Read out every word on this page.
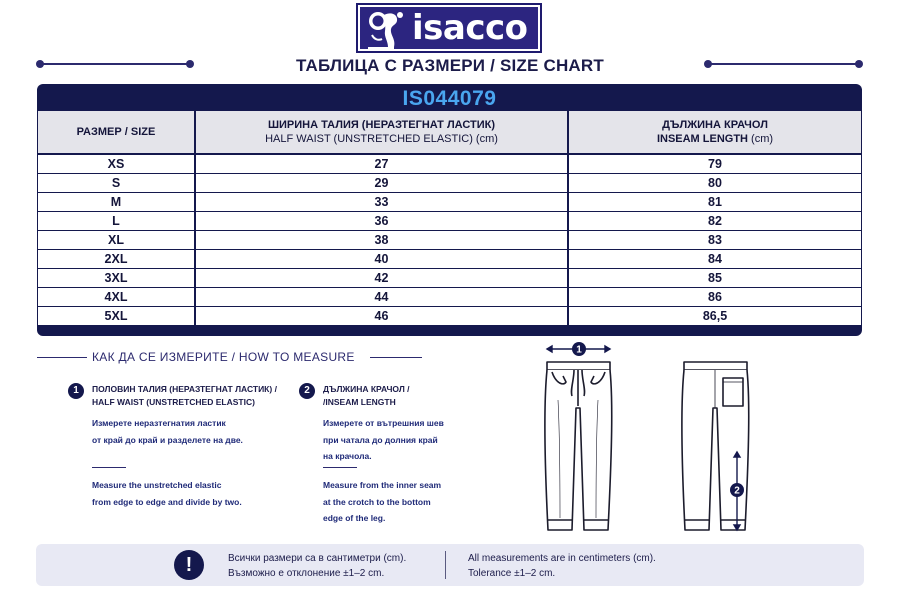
isacco
ТАБЛИЦА С РАЗМЕРИ / SIZE CHART
IS044079
РАЗМЕР / SIZE
ШИРИНА ТАЛИЯ (НЕРАЗТЕГНАТ ЛАСТИК)
HALF WAIST (UNSTRETCHED ELASTIC) (cm)
ДЪЛЖИНА КРАЧОЛ
INSEAM LENGTH (cm)
XS	27	79
S	29	80
M	33	81
L	36	82
XL	38	83
2XL	40	84
3XL	42	85
4XL	44	86
5XL	46	86,5
КАК ДА СЕ ИЗМЕРИТЕ / HOW TO MEASURE
1	ПОЛОВИН ТАЛИЯ (НЕРАЗТЕГНАТ ЛАСТИК) /
HALF WAIST (UNSTRETCHED ELASTIC)
Измерете неразтегнатия ластик
от край до край и разделете на две.
Measure the unstretched elastic
from edge to edge and divide by two.
2	ДЪЛЖИНА КРАЧОЛ /
/INSEAM LENGTH
Измерете от вътрешния шев
при чатала до долния край
на крачола.
Measure from the inner seam
at the crotch to the bottom
edge of the leg.
1
2
!	Всички размери са в сантиметри (cm).
Възможно е отклонение ±1–2 cm.
All measurements are in centimeters (cm).
Tolerance ±1–2 cm.
